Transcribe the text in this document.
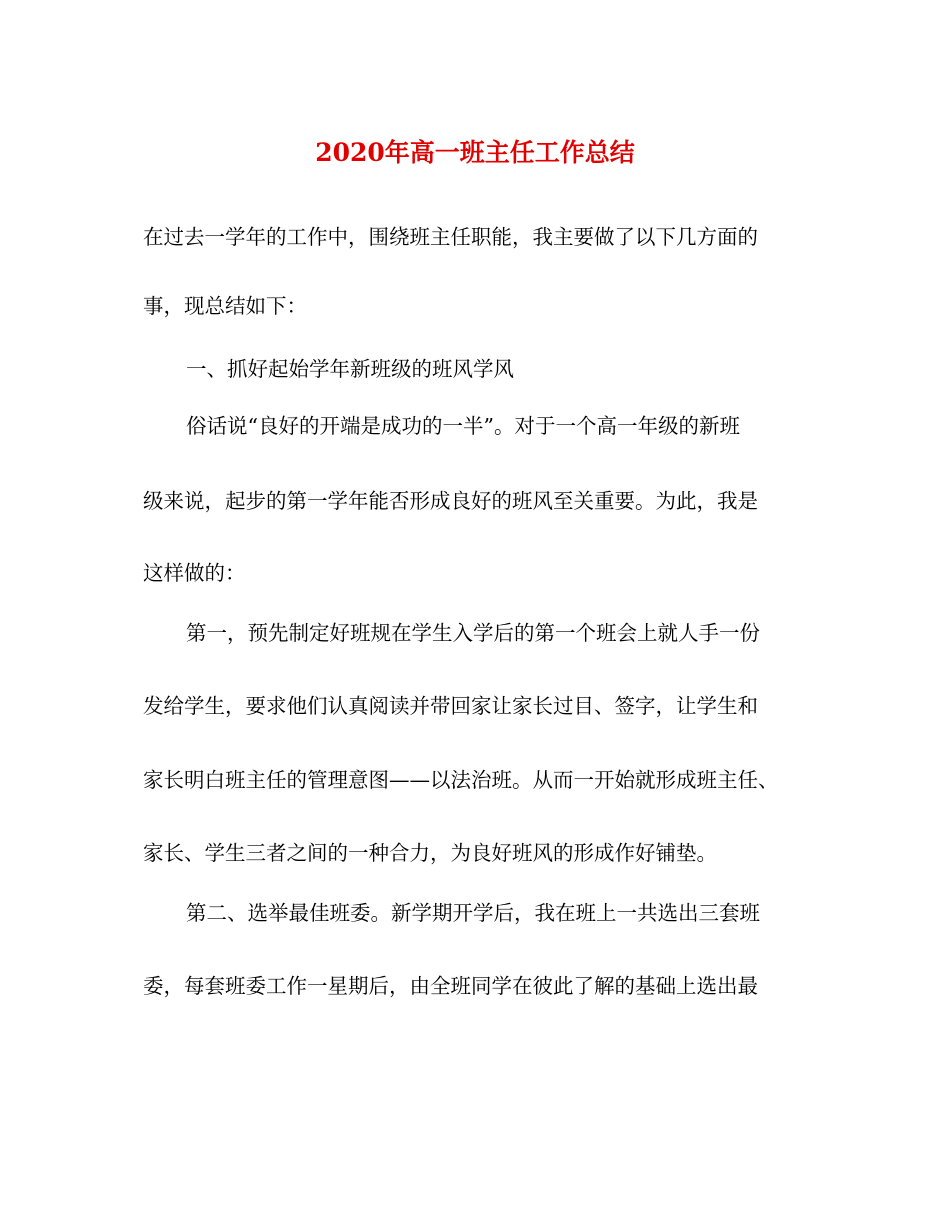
2020年高一班主任工作总结
在过去一学年的工作中，围绕班主任职能，我主要做了以下几方面的
事，现总结如下：
一、抓好起始学年新班级的班风学风
俗话说“良好的开端是成功的一半”。对于一个高一年级的新班
级来说，起步的第一学年能否形成良好的班风至关重要。为此，我是
这样做的：
第一，预先制定好班规在学生入学后的第一个班会上就人手一份
发给学生，要求他们认真阅读并带回家让家长过目、签字，让学生和
家长明白班主任的管理意图——以法治班。从而一开始就形成班主任、
家长、学生三者之间的一种合力，为良好班风的形成作好铺垫。
第二、选举最佳班委。新学期开学后，我在班上一共选出三套班
委，每套班委工作一星期后，由全班同学在彼此了解的基础上选出最
